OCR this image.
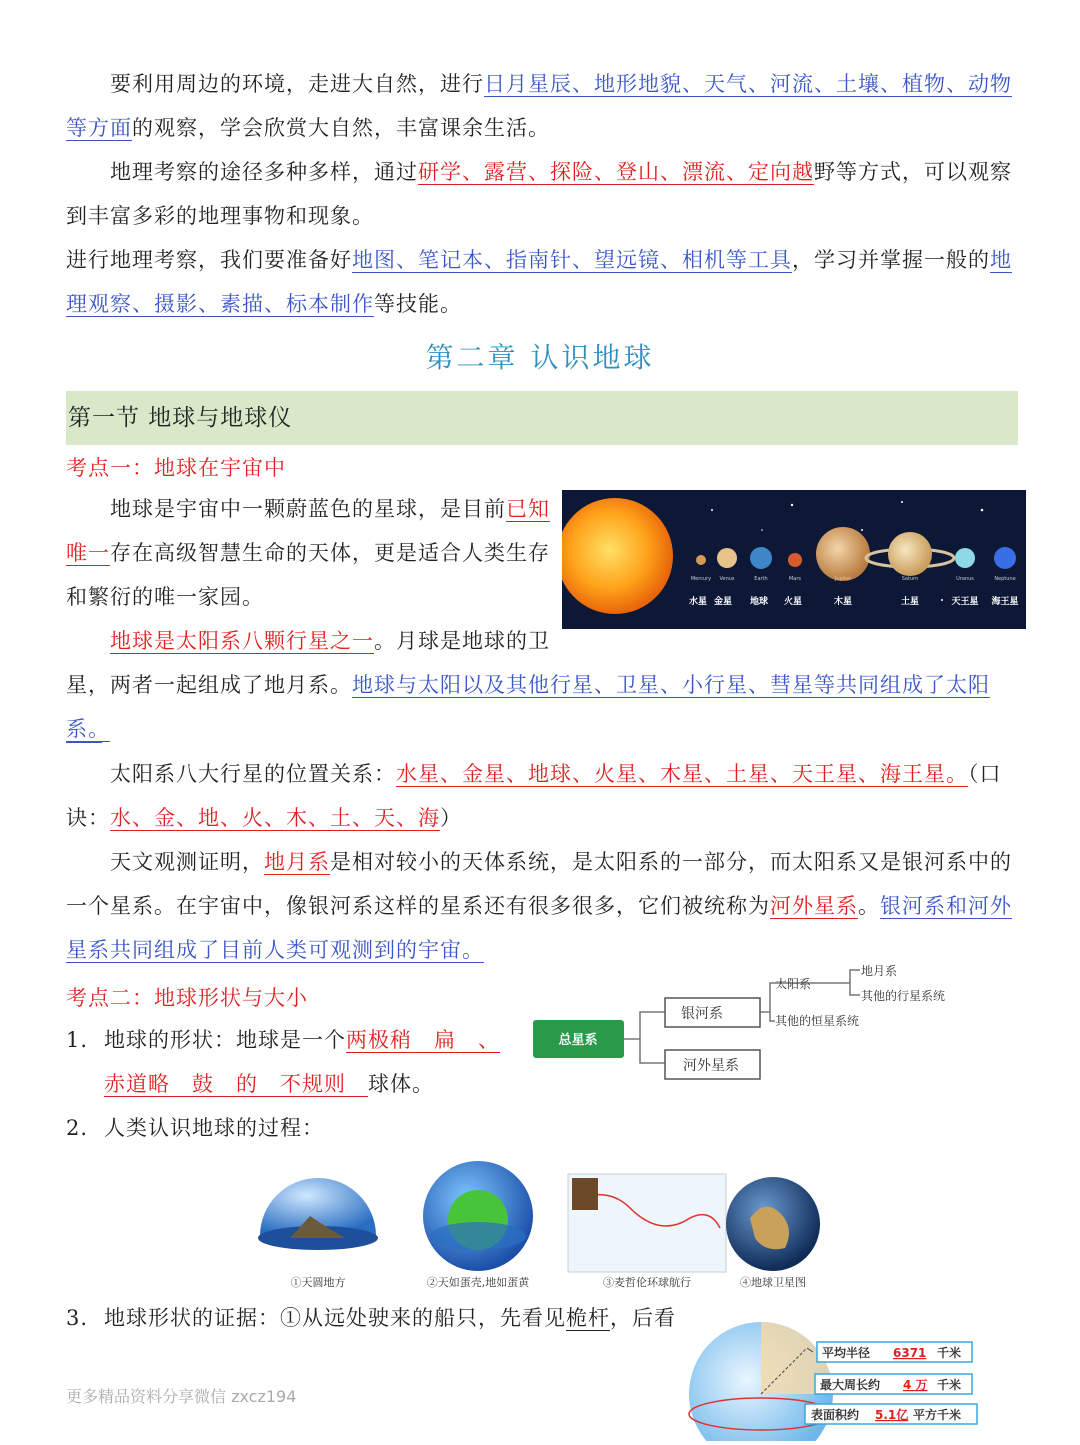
要利用周边的环境，走进大自然，进行日月星辰、地形地貌、天气、河流、土壤、植物、动物等方面的观察，学会欣赏大自然，丰富课余生活。
地理考察的途径多种多样，通过研学、露营、探险、登山、漂流、定向越野等方式，可以观察到丰富多彩的地理事物和现象。
进行地理考察，我们要准备好地图、笔记本、指南针、望远镜、相机等工具，学习并掌握一般的地理观察、摄影、素描、标本制作等技能。
第二章 认识地球
第一节 地球与地球仪
考点一：地球在宇宙中
地球是宇宙中一颗蔚蓝色的星球，是目前已知唯一存在高级智慧生命的天体，更是适合人类生存和繁衍的唯一家园。
地球是太阳系八颗行星之一。月球是地球的卫
星，两者一起组成了地月系。地球与太阳以及其他行星、卫星、小行星、彗星等共同组成了太阳系。
太阳系八大行星的位置关系：水星、金星、地球、火星、木星、土星、天王星、海王星。（口诀：水、金、地、火、木、土、天、海）
天文观测证明，地月系是相对较小的天体系统，是太阳系的一部分，而太阳系又是银河系中的一个星系。在宇宙中，像银河系这样的星系还有很多很多，它们被统称为河外星系。银河系和河外星系共同组成了目前人类可观测到的宇宙。
Mercury Venus	Earth	Mars	Jupiter	Saturn	Uranus	Neptune
水星 金星 地球 火星	木星	土星	天王星 海王星
考点二：地球形状与大小
1. 地球的形状：地球是一个两极稍　扁　、
赤道略　鼓　的　不规则　球体。
2. 人类认识地球的过程：
3. 地球形状的证据：①从远处驶来的船只，先看见桅杆，后看
总星系
银河系
河外星系
太阳系
其他的恒星系统
地月系
其他的行星系统
①天圆地方	②天如蛋壳,地如蛋黄	③麦哲伦环球航行	④地球卫星图
平均半径 6371 千米
最大周长约 4 万 千米
表面积约 5.1亿 平方千米
更多精品资料分享微信 zxcz194
